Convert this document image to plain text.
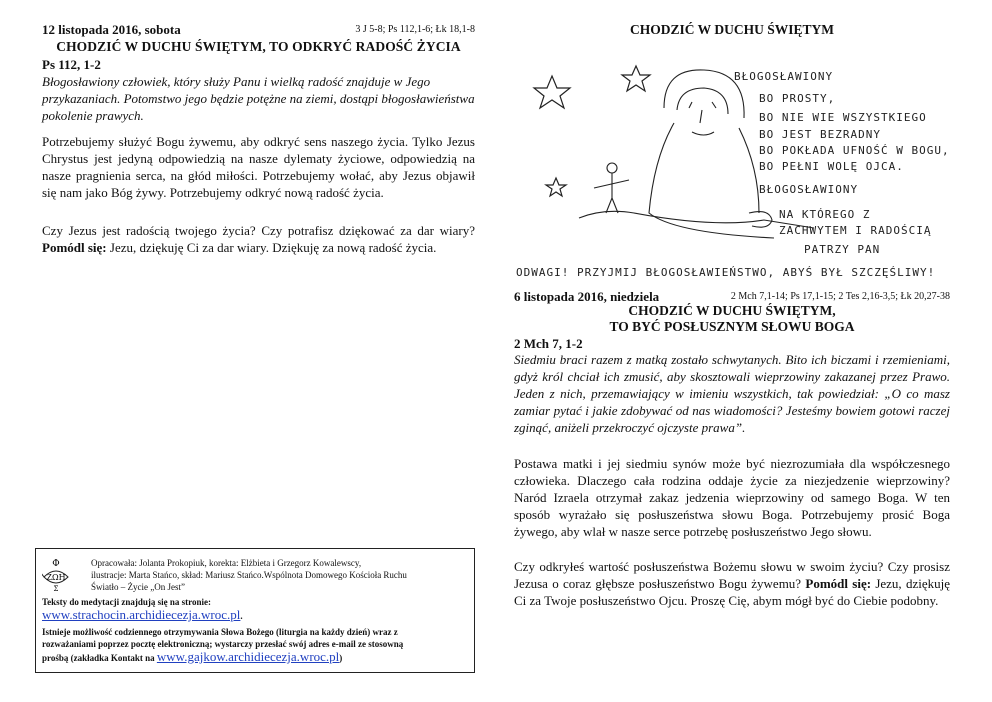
12 listopada 2016, sobota	3 J 5-8; Ps 112,1-6; Łk 18,1-8
CHODZIĆ W DUCHU ŚWIĘTYM, TO ODKRYĆ RADOŚĆ ŻYCIA
Ps 112, 1-2
Błogosławiony człowiek, który służy Panu i wielką radość znajduje w Jego przykazaniach. Potomstwo jego będzie potężne na ziemi, dostąpi błogosławieństwa pokolenie prawych.
Potrzebujemy służyć Bogu żywemu, aby odkryć sens naszego życia. Tylko Jezus Chrystus jest jedyną odpowiedzią na nasze dylematy życiowe, odpowiedzią na nasze pragnienia serca, na głód miłości. Potrzebujemy wołać, aby Jezus objawił się nam jako Bóg żywy. Potrzebujemy odkryć nową radość życia.
Czy Jezus jest radością twojego życia? Czy potrafisz dziękować za dar wiary? Pomódl się: Jezu, dziękuję Ci za dar wiary. Dziękuję za nową radość życia.
Φ
ΖΩΗ
Σ
Opracowała: Jolanta Prokopiuk, korekta: Elżbieta i Grzegorz Kowalewscy,
ilustracje: Marta Stańco, skład: Mariusz Stańco.Wspólnota Domowego Kościoła Ruchu
Światło – Życie „On Jest”
Teksty do medytacji znajdują się na stronie:
www.strachocin.archidiecezja.wroc.pl.
Istnieje możliwość codziennego otrzymywania Słowa Bożego (liturgia na każdy dzień) wraz z
rozważaniami poprzez pocztę elektroniczną; wystarczy przesłać swój adres e-mail ze stosowną
prośbą (zakładka Kontakt na www.gajkow.archidiecezja.wroc.pl)
CHODZIĆ W DUCHU ŚWIĘTYM
BŁOGOSŁAWIONY
BO PROSTY,
BO NIE WIE WSZYSTKIEGO
BO JEST BEZRADNY
BO POKŁADA UFNOŚĆ W BOGU,
BO PEŁNI WOLĘ OJCA.
BŁOGOSŁAWIONY
NA KTÓREGO Z
ZACHWYTEM I RADOŚCIĄ
PATRZY PAN
ODWAGI! PRZYJMIJ BŁOGOSŁAWIEŃSTWO, ABYŚ BYŁ SZCZĘŚLIWY!
6 listopada 2016, niedziela	2 Mch 7,1-14; Ps 17,1-15; 2 Tes 2,16-3,5; Łk 20,27-38
CHODZIĆ W DUCHU ŚWIĘTYM,
TO BYĆ POSŁUSZNYM SŁOWU BOGA
2 Mch 7, 1-2
Siedmiu braci razem z matką zostało schwytanych. Bito ich biczami i rzemieniami, gdyż król chciał ich zmusić, aby skosztowali wieprzowiny zakazanej przez Prawo. Jeden z nich, przemawiający w imieniu wszystkich, tak powiedział: „O co masz zamiar pytać i jakie zdobywać od nas wiadomości? Jesteśmy bowiem gotowi raczej zginąć, aniżeli przekroczyć ojczyste prawa”.
Postawa matki i jej siedmiu synów może być niezrozumiała dla współczesnego człowieka. Dlaczego cała rodzina oddaje życie za niezjedzenie wieprzowiny? Naród Izraela otrzymał zakaz jedzenia wieprzowiny od samego Boga. W ten sposób wyrażało się posłuszeństwa słowu Boga. Potrzebujemy prosić Boga żywego, aby wlał w nasze serce potrzebę posłuszeństwo Jego słowu.
Czy odkryłeś wartość posłuszeństwa Bożemu słowu w swoim życiu? Czy prosisz Jezusa o coraz głębsze posłuszeństwo Bogu żywemu? Pomódl się: Jezu, dziękuję Ci za Twoje posłuszeństwo Ojcu. Proszę Cię, abym mógł być do Ciebie podobny.
